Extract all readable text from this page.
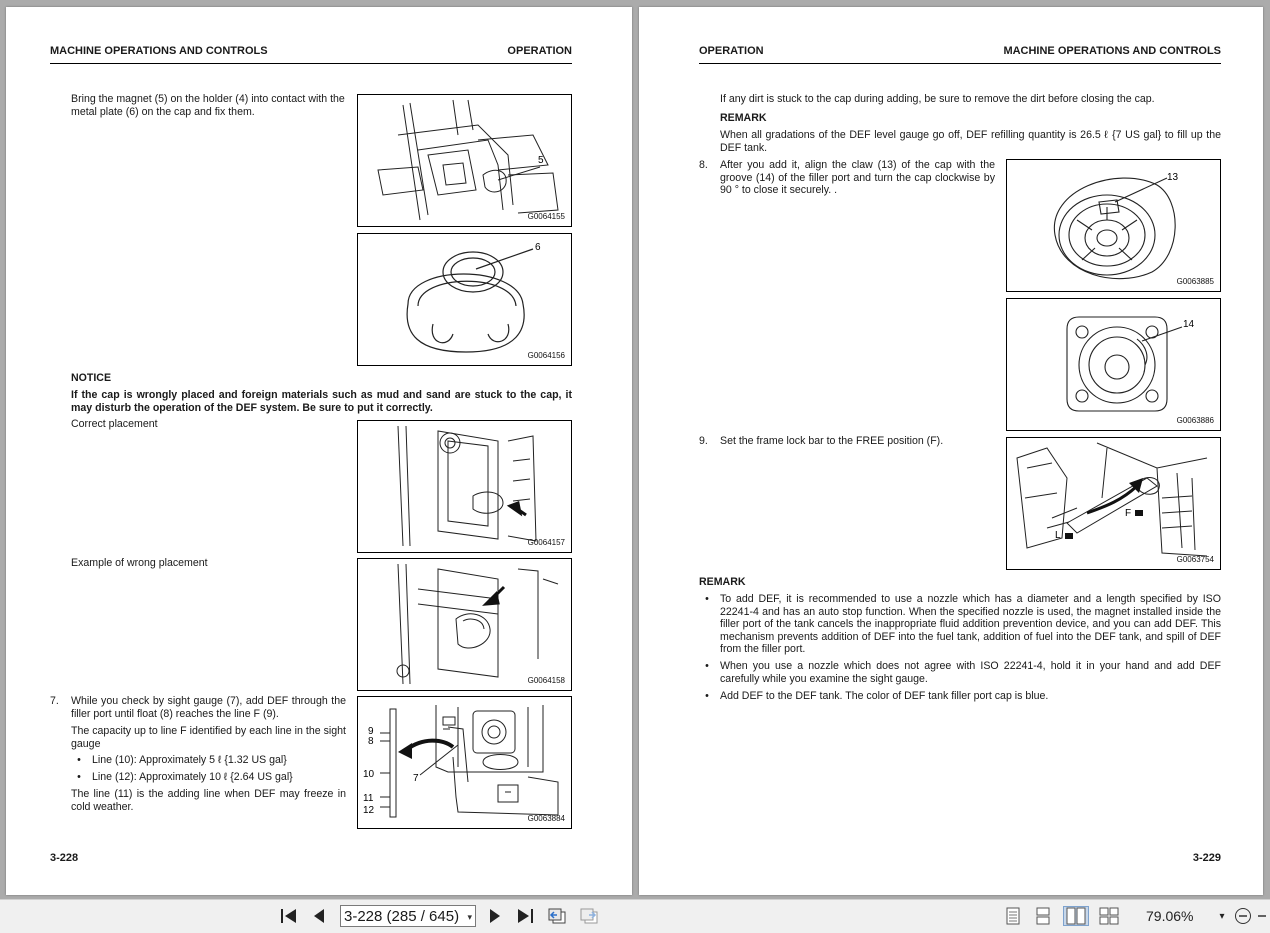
MACHINE OPERATIONS AND CONTROLS	OPERATION
Bring the magnet (5) on the holder (4) into contact with the metal plate (6) on the cap and fix them.
5
G0064155
6
G0064156
NOTICE
If the cap is wrongly placed and foreign materials such as mud and sand are stuck to the cap, it may disturb the operation of the DEF system. Be sure to put it correctly.
Correct placement
G0064157
Example of wrong placement
G0064158
7. While you check by sight gauge (7), add DEF through the filler port until float (8) reaches the line F (9).
The capacity up to line F identified by each line in the sight gauge
• Line (10): Approximately 5 ℓ {1.32 US gal}
• Line (12): Approximately 10 ℓ {2.64 US gal}
The line (11) is the adding line when DEF may freeze in cold weather.
9
8
10	7
11
12
G0063884
3-228
OPERATION	MACHINE OPERATIONS AND CONTROLS
If any dirt is stuck to the cap during adding, be sure to remove the dirt before closing the cap.
REMARK
When all gradations of the DEF level gauge go off, DEF refilling quantity is 26.5 ℓ {7 US gal} to fill up the DEF tank.
8. After you add it, align the claw (13) of the cap with the groove (14) of the filler port and turn the cap clockwise by 90 ° to close it securely. .
13
G0063885
14
G0063886
9. Set the frame lock bar to the FREE position (F).
F
L
G0063754
REMARK
• To add DEF, it is recommended to use a nozzle which has a diameter and a length specified by ISO 22241-4 and has an auto stop function. When the specified nozzle is used, the magnet installed inside the filler port of the tank cancels the inappropriate fluid addition prevention device, and you can add DEF. This mechanism prevents addition of DEF into the fuel tank, addition of fuel into the DEF tank, and spill of DEF from the filler port.
• When you use a nozzle which does not agree with ISO 22241-4, hold it in your hand and add DEF carefully while you examine the sight gauge.
• Add DEF to the DEF tank. The color of DEF tank filler port cap is blue.
3-229
3-228 (285 / 645) ▾	79.06%	▾
